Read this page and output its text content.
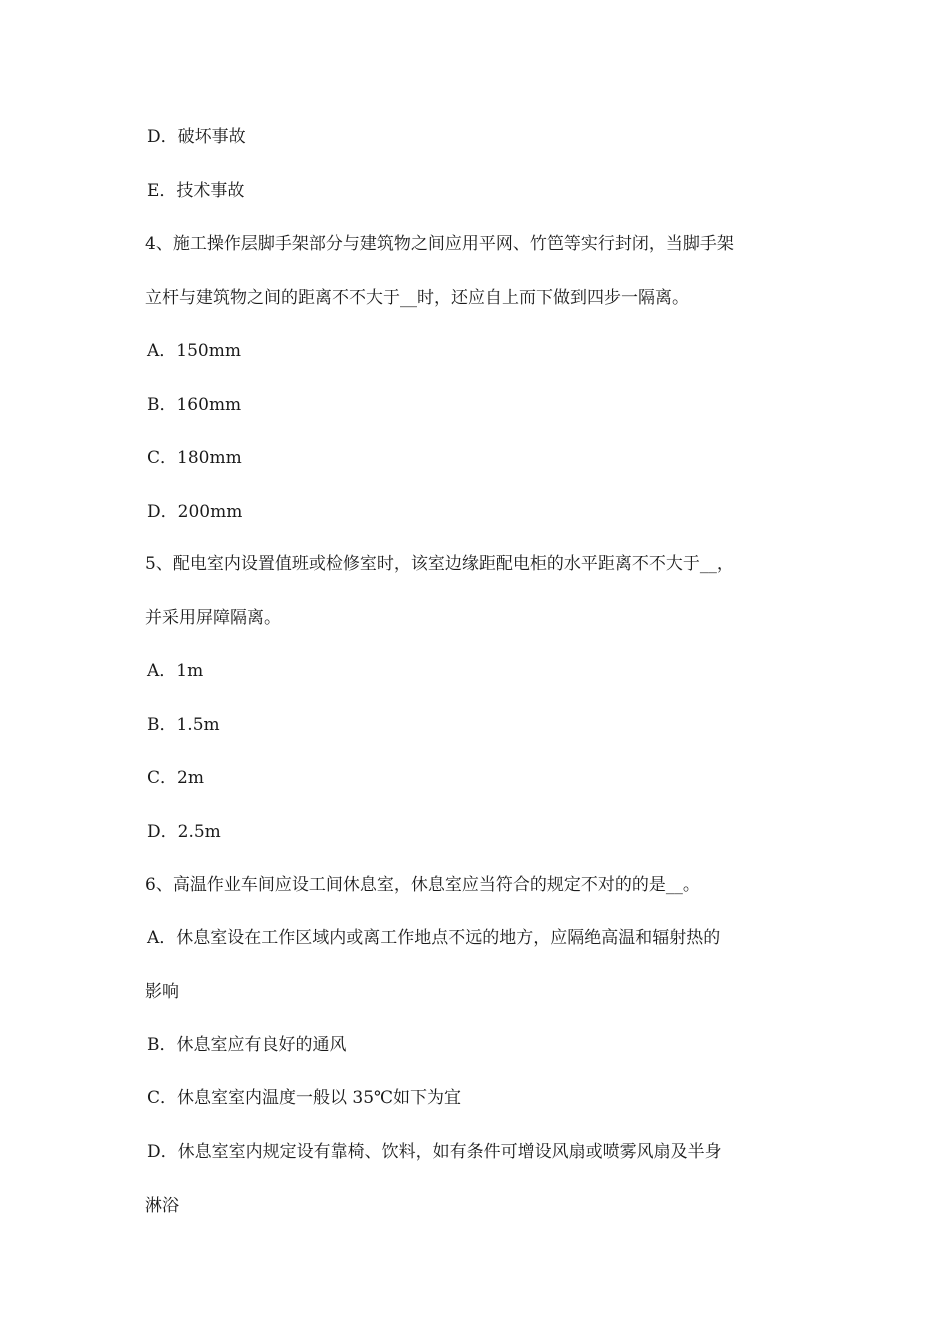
D．破坏事故
E．技术事故
4、施工操作层脚手架部分与建筑物之间应用平网、竹笆等实行封闭，当脚手架
立杆与建筑物之间的距离不不大于__时，还应自上而下做到四步一隔离。
A．150mm
B．160mm
C．180mm
D．200mm
5、配电室内设置值班或检修室时，该室边缘距配电柜的水平距离不不大于__，
并采用屏障隔离。
A．1m
B．1.5m
C．2m
D．2.5m
6、高温作业车间应设工间休息室，休息室应当符合的规定不对的的是__。
A．休息室设在工作区域内或离工作地点不远的地方，应隔绝高温和辐射热的
影响
B．休息室应有良好的通风
C．休息室室内温度一般以 35℃如下为宜
D．休息室室内规定设有靠椅、饮料，如有条件可增设风扇或喷雾风扇及半身
淋浴
